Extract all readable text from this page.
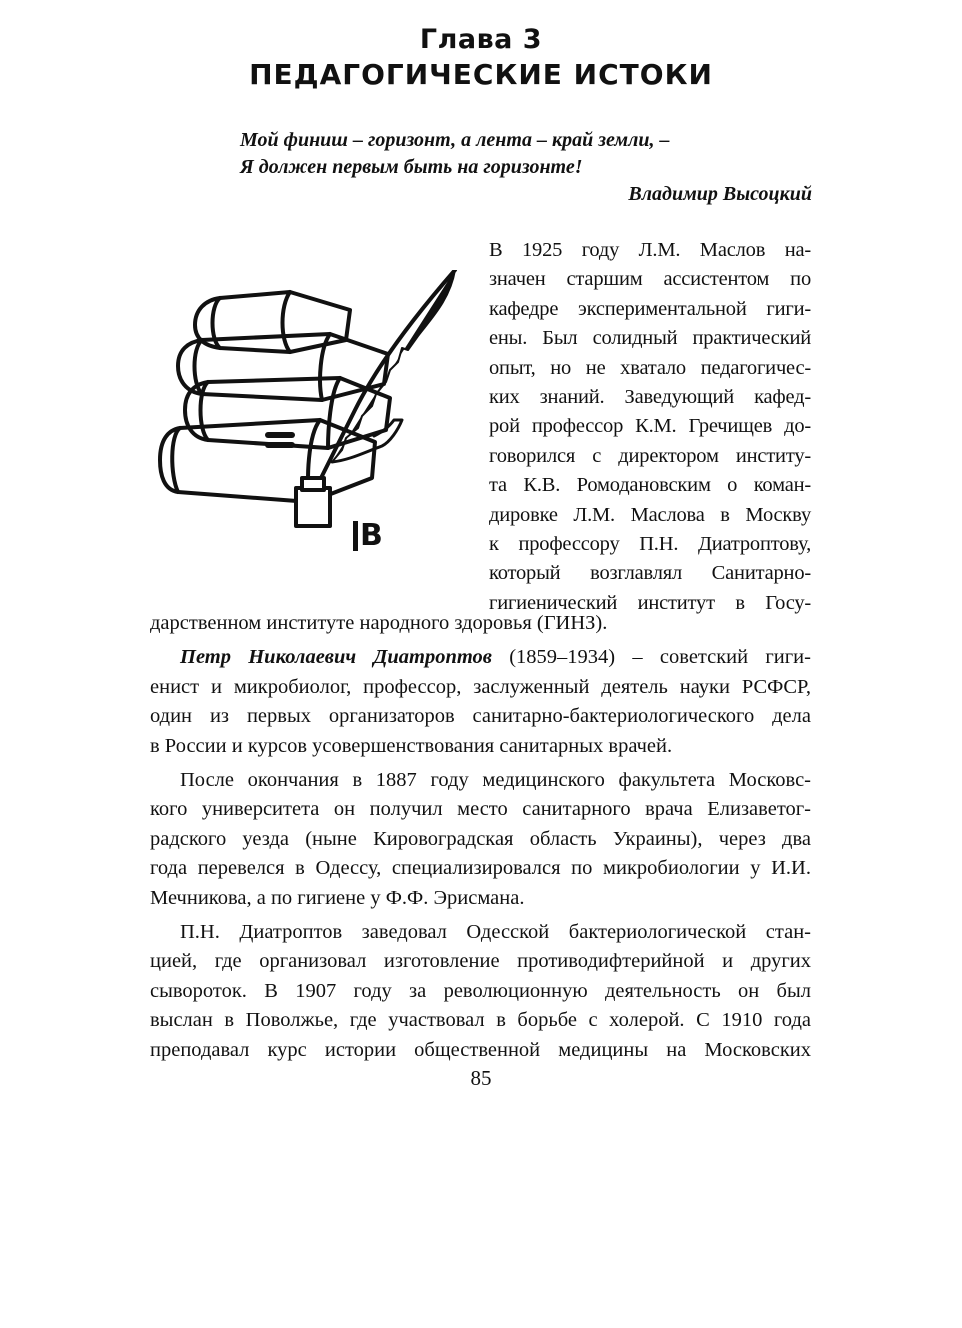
Глава 3
ПЕДАГОГИЧЕСКИЕ ИСТОКИ
Мой финиш – горизонт, а лента – край земли, –
Я должен первым быть на горизонте!
Владимир Высоцкий
В
В 1925 году Л.М. Маслов на-
значен старшим ассистентом по
кафедре экспериментальной гиги-
ены. Был солидный практический
опыт, но не хватало педагогичес-
ких знаний. Заведующий кафед-
рой профессор К.М. Гречищев до-
говорился с директором институ-
та К.В. Ромодановским о коман-
дировке Л.М. Маслова в Москву
к профессору П.Н. Диатроптову,
который возглавлял Санитарно-
гигиенический институт в Госу-
дарственном институте народного здоровья (ГИНЗ).
Петр Николаевич Диатроптов (1859–1934) – советский гиги-
енист и микробиолог, профессор, заслуженный деятель науки РСФСР,
один из первых организаторов санитарно-бактериологического дела
в России и курсов усовершенствования санитарных врачей.
После окончания в 1887 году медицинского факультета Московс-
кого университета он получил место санитарного врача Елизаветог-
радского уезда (ныне Кировоградская область Украины), через два
года перевелся в Одессу, специализировался по микробиологии у И.И.
Мечникова, а по гигиене у Ф.Ф. Эрисмана.
П.Н. Диатроптов заведовал Одесской бактериологической стан-
цией, где организовал изготовление противодифтерийной и других
сывороток. В 1907 году за революционную деятельность он был
выслан в Поволжье, где участвовал в борьбе с холерой. С 1910 года
преподавал курс истории общественной медицины на Московских
85
